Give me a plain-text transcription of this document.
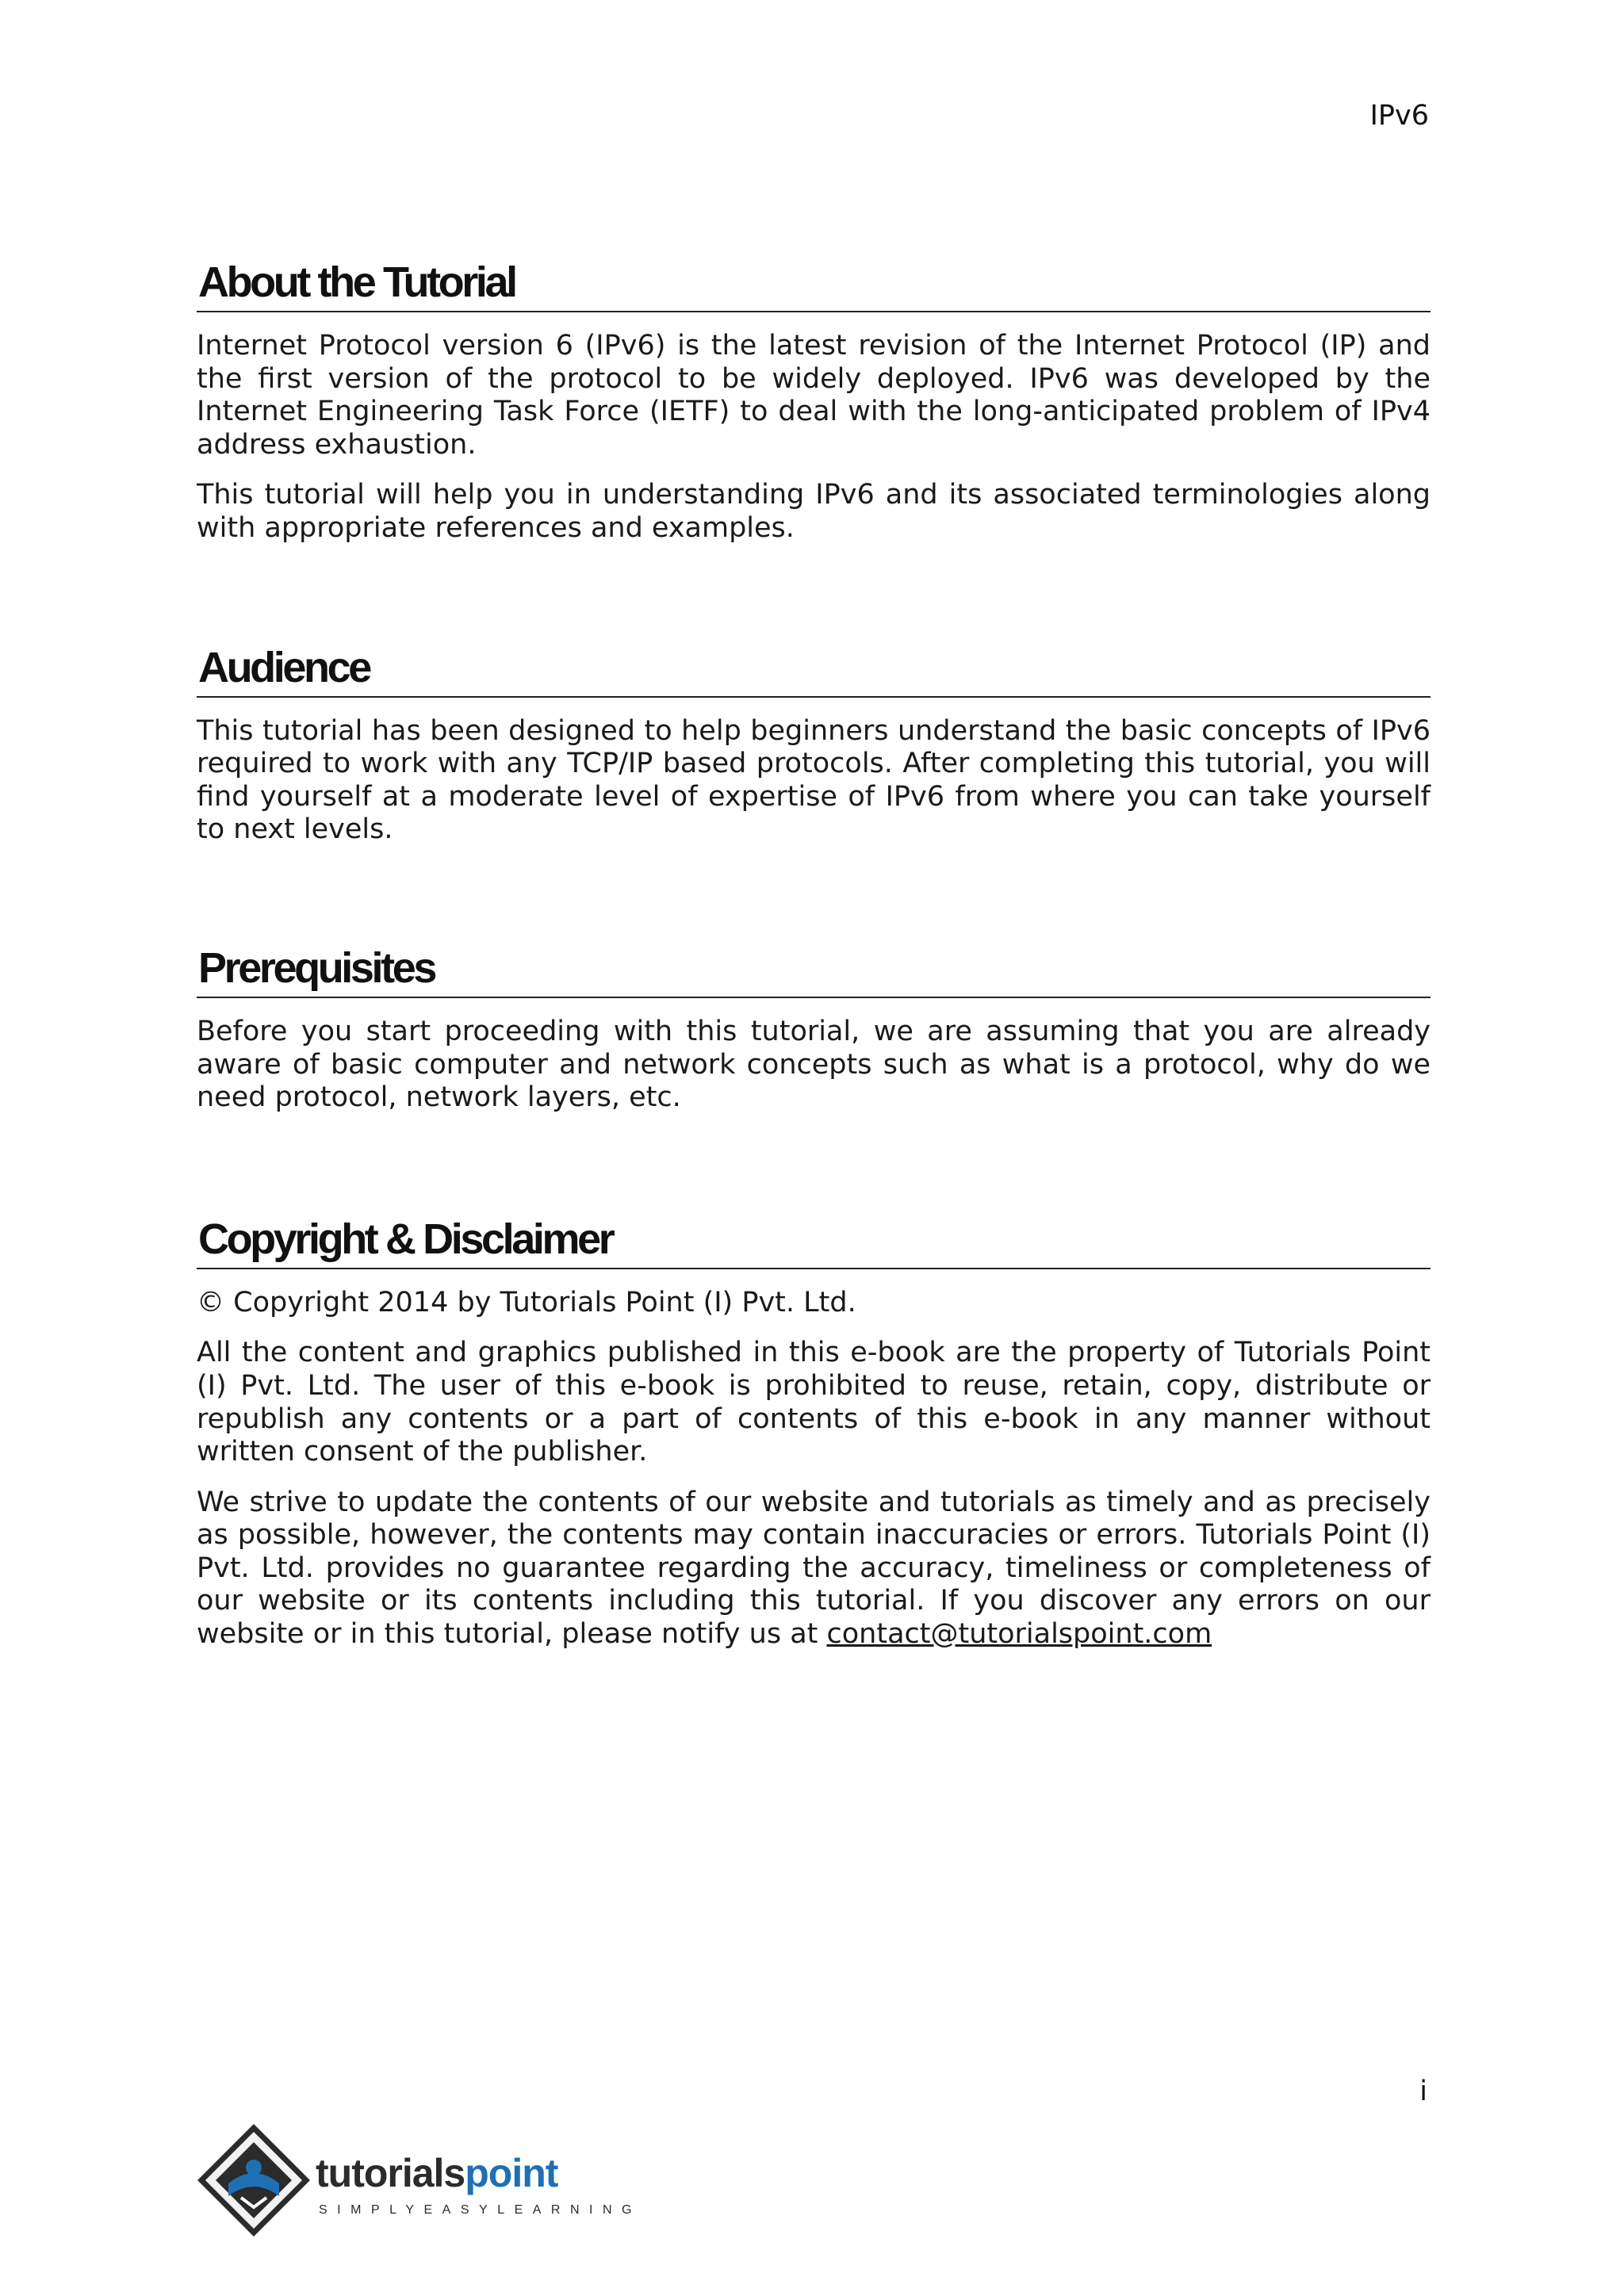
IPv6
About the Tutorial

Internet Protocol version 6 (IPv6) is the latest revision of the Internet Protocol (IP) and the first version of the protocol to be widely deployed. IPv6 was developed by the Internet Engineering Task Force (IETF) to deal with the long-anticipated problem of IPv4 address exhaustion.

This tutorial will help you in understanding IPv6 and its associated terminologies along with appropriate references and examples.

Audience

This tutorial has been designed to help beginners understand the basic concepts of IPv6 required to work with any TCP/IP based protocols. After completing this tutorial, you will find yourself at a moderate level of expertise of IPv6 from where you can take yourself to next levels.

Prerequisites

Before you start proceeding with this tutorial, we are assuming that you are already aware of basic computer and network concepts such as what is a protocol, why do we need protocol, network layers, etc.

Copyright & Disclaimer

© Copyright 2014 by Tutorials Point (I) Pvt. Ltd.

All the content and graphics published in this e-book are the property of Tutorials Point (I) Pvt. Ltd. The user of this e-book is prohibited to reuse, retain, copy, distribute or republish any contents or a part of contents of this e-book in any manner without written consent of the publisher.

We strive to update the contents of our website and tutorials as timely and as precisely as possible, however, the contents may contain inaccuracies or errors. Tutorials Point (I) Pvt. Ltd. provides no guarantee regarding the accuracy, timeliness or completeness of our website or its contents including this tutorial. If you discover any errors on our website or in this tutorial, please notify us at contact@tutorialspoint.com

i
tutorialspoint
SIMPLYEASYLEARNING
